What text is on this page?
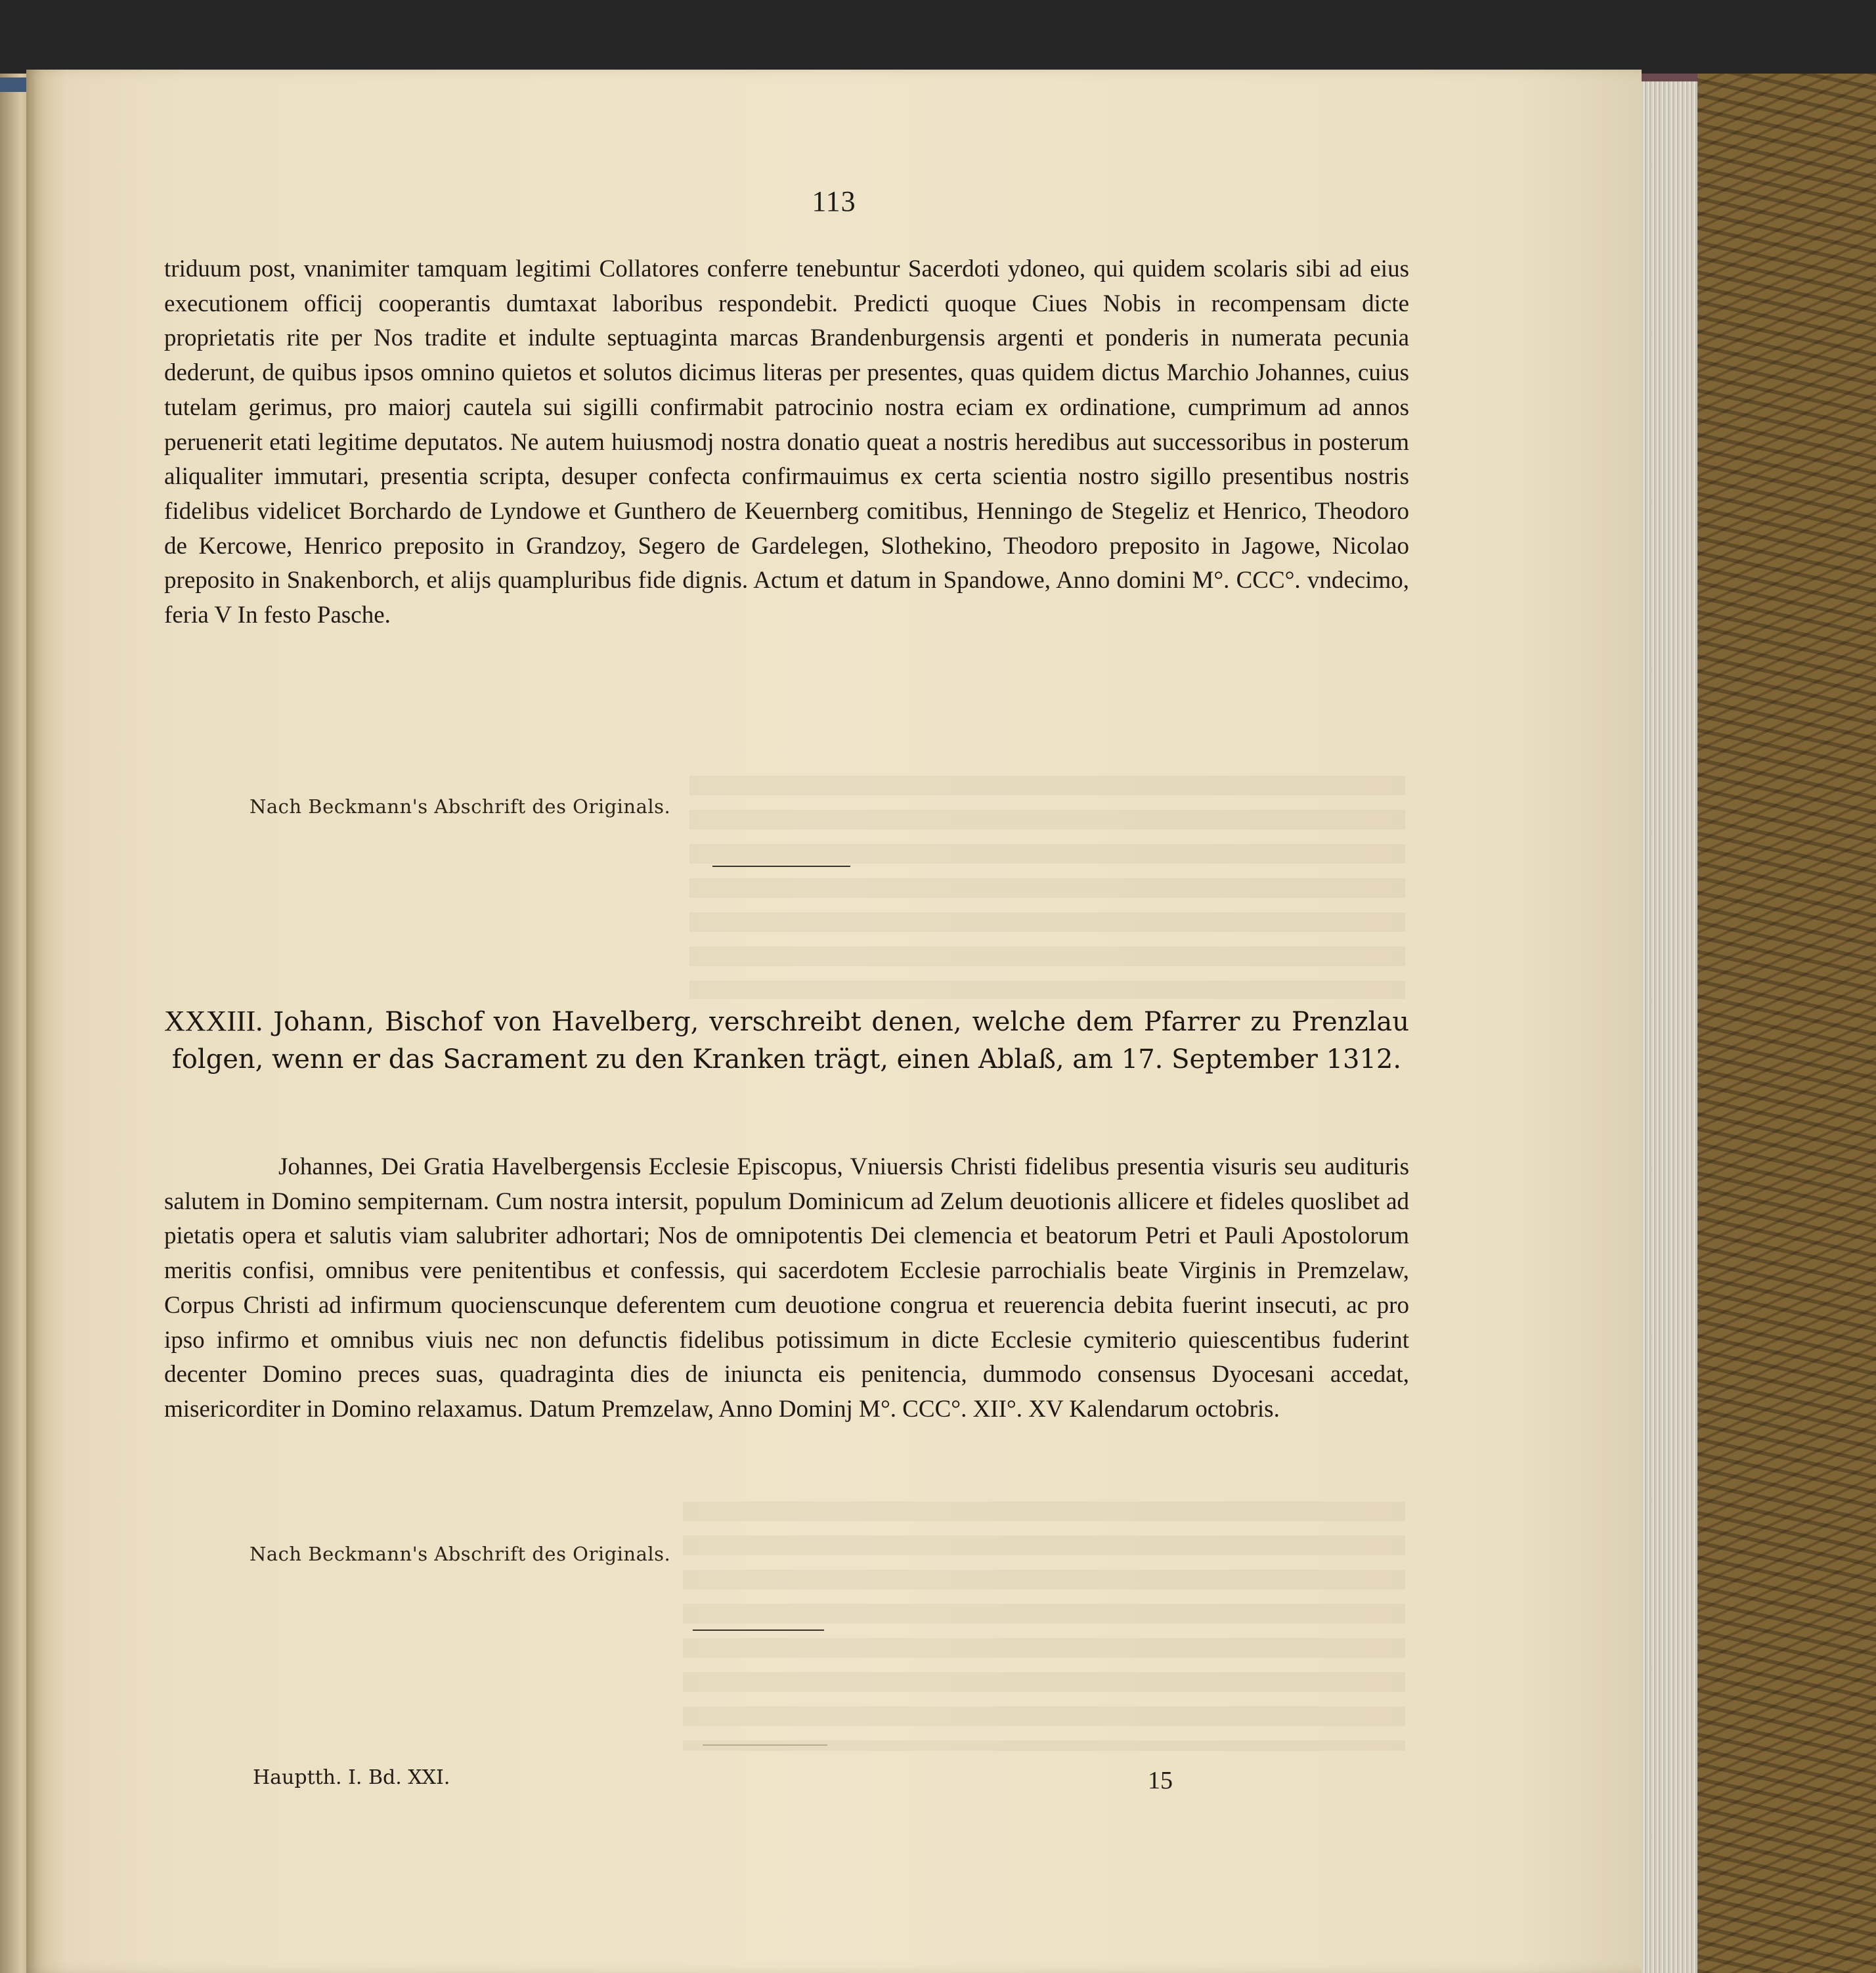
113
triduum post, vnanimiter tamquam legitimi Collatores conferre tenebuntur Sacerdoti ydoneo, qui quidem scolaris sibi ad eius executionem officij cooperantis dumtaxat laboribus respondebit. Predicti quoque Ciues Nobis in recompensam dicte proprietatis rite per Nos tradite et indulte septuaginta marcas Brandenburgensis argenti et ponderis in numerata pecunia dederunt, de quibus ipsos omnino quietos et solutos dicimus literas per presentes, quas quidem dictus Marchio Johannes, cuius tutelam gerimus, pro maiorj cautela sui sigilli confirmabit patrocinio nostra eciam ex ordinatione, cumprimum ad annos peruenerit etati legitime deputatos. Ne autem huiusmodj nostra donatio queat a nostris heredibus aut successoribus in posterum aliqualiter immutari, presentia scripta, desuper confecta confirmauimus ex certa scientia nostro sigillo presentibus nostris fidelibus videlicet Borchardo de Lyndowe et Gunthero de Keuernberg comitibus, Henningo de Stegeliz et Henrico, Theodoro de Kercowe, Henrico preposito in Grandzoy, Segero de Gardelegen, Slothekino, Theodoro preposito in Jagowe, Nicolao preposito in Snakenborch, et alijs quampluribus fide dignis. Actum et datum in Spandowe, Anno domini M°. CCC°. vndecimo, feria V In festo Pasche.
Nach Beckmann's Abschrift des Originals.
XXXIII. Johann, Bischof von Havelberg, verschreibt denen, welche dem Pfarrer zu Prenzlau folgen, wenn er das Sacrament zu den Kranken trägt, einen Ablaß, am 17. September 1312.
Johannes, Dei Gratia Havelbergensis Ecclesie Episcopus, Vniuersis Christi fidelibus presentia visuris seu audituris salutem in Domino sempiternam. Cum nostra intersit, populum Dominicum ad Zelum deuotionis allicere et fideles quoslibet ad pietatis opera et salutis viam salubriter adhortari; Nos de omnipotentis Dei clemencia et beatorum Petri et Pauli Apostolorum meritis confisi, omnibus vere penitentibus et confessis, qui sacerdotem Ecclesie parrochialis beate Virginis in Premzelaw, Corpus Christi ad infirmum quocienscunque deferentem cum deuotione congrua et reuerencia debita fuerint insecuti, ac pro ipso infirmo et omnibus viuis nec non defunctis fidelibus potissimum in dicte Ecclesie cymiterio quiescentibus fuderint decenter Domino preces suas, quadraginta dies de iniuncta eis penitencia, dummodo consensus Dyocesani accedat, misericorditer in Domino relaxamus. Datum Premzelaw, Anno Dominj M°. CCC°. XII°. XV Kalendarum octobris.
Nach Beckmann's Abschrift des Originals.
Hauptth. I. Bd. XXI.	15
